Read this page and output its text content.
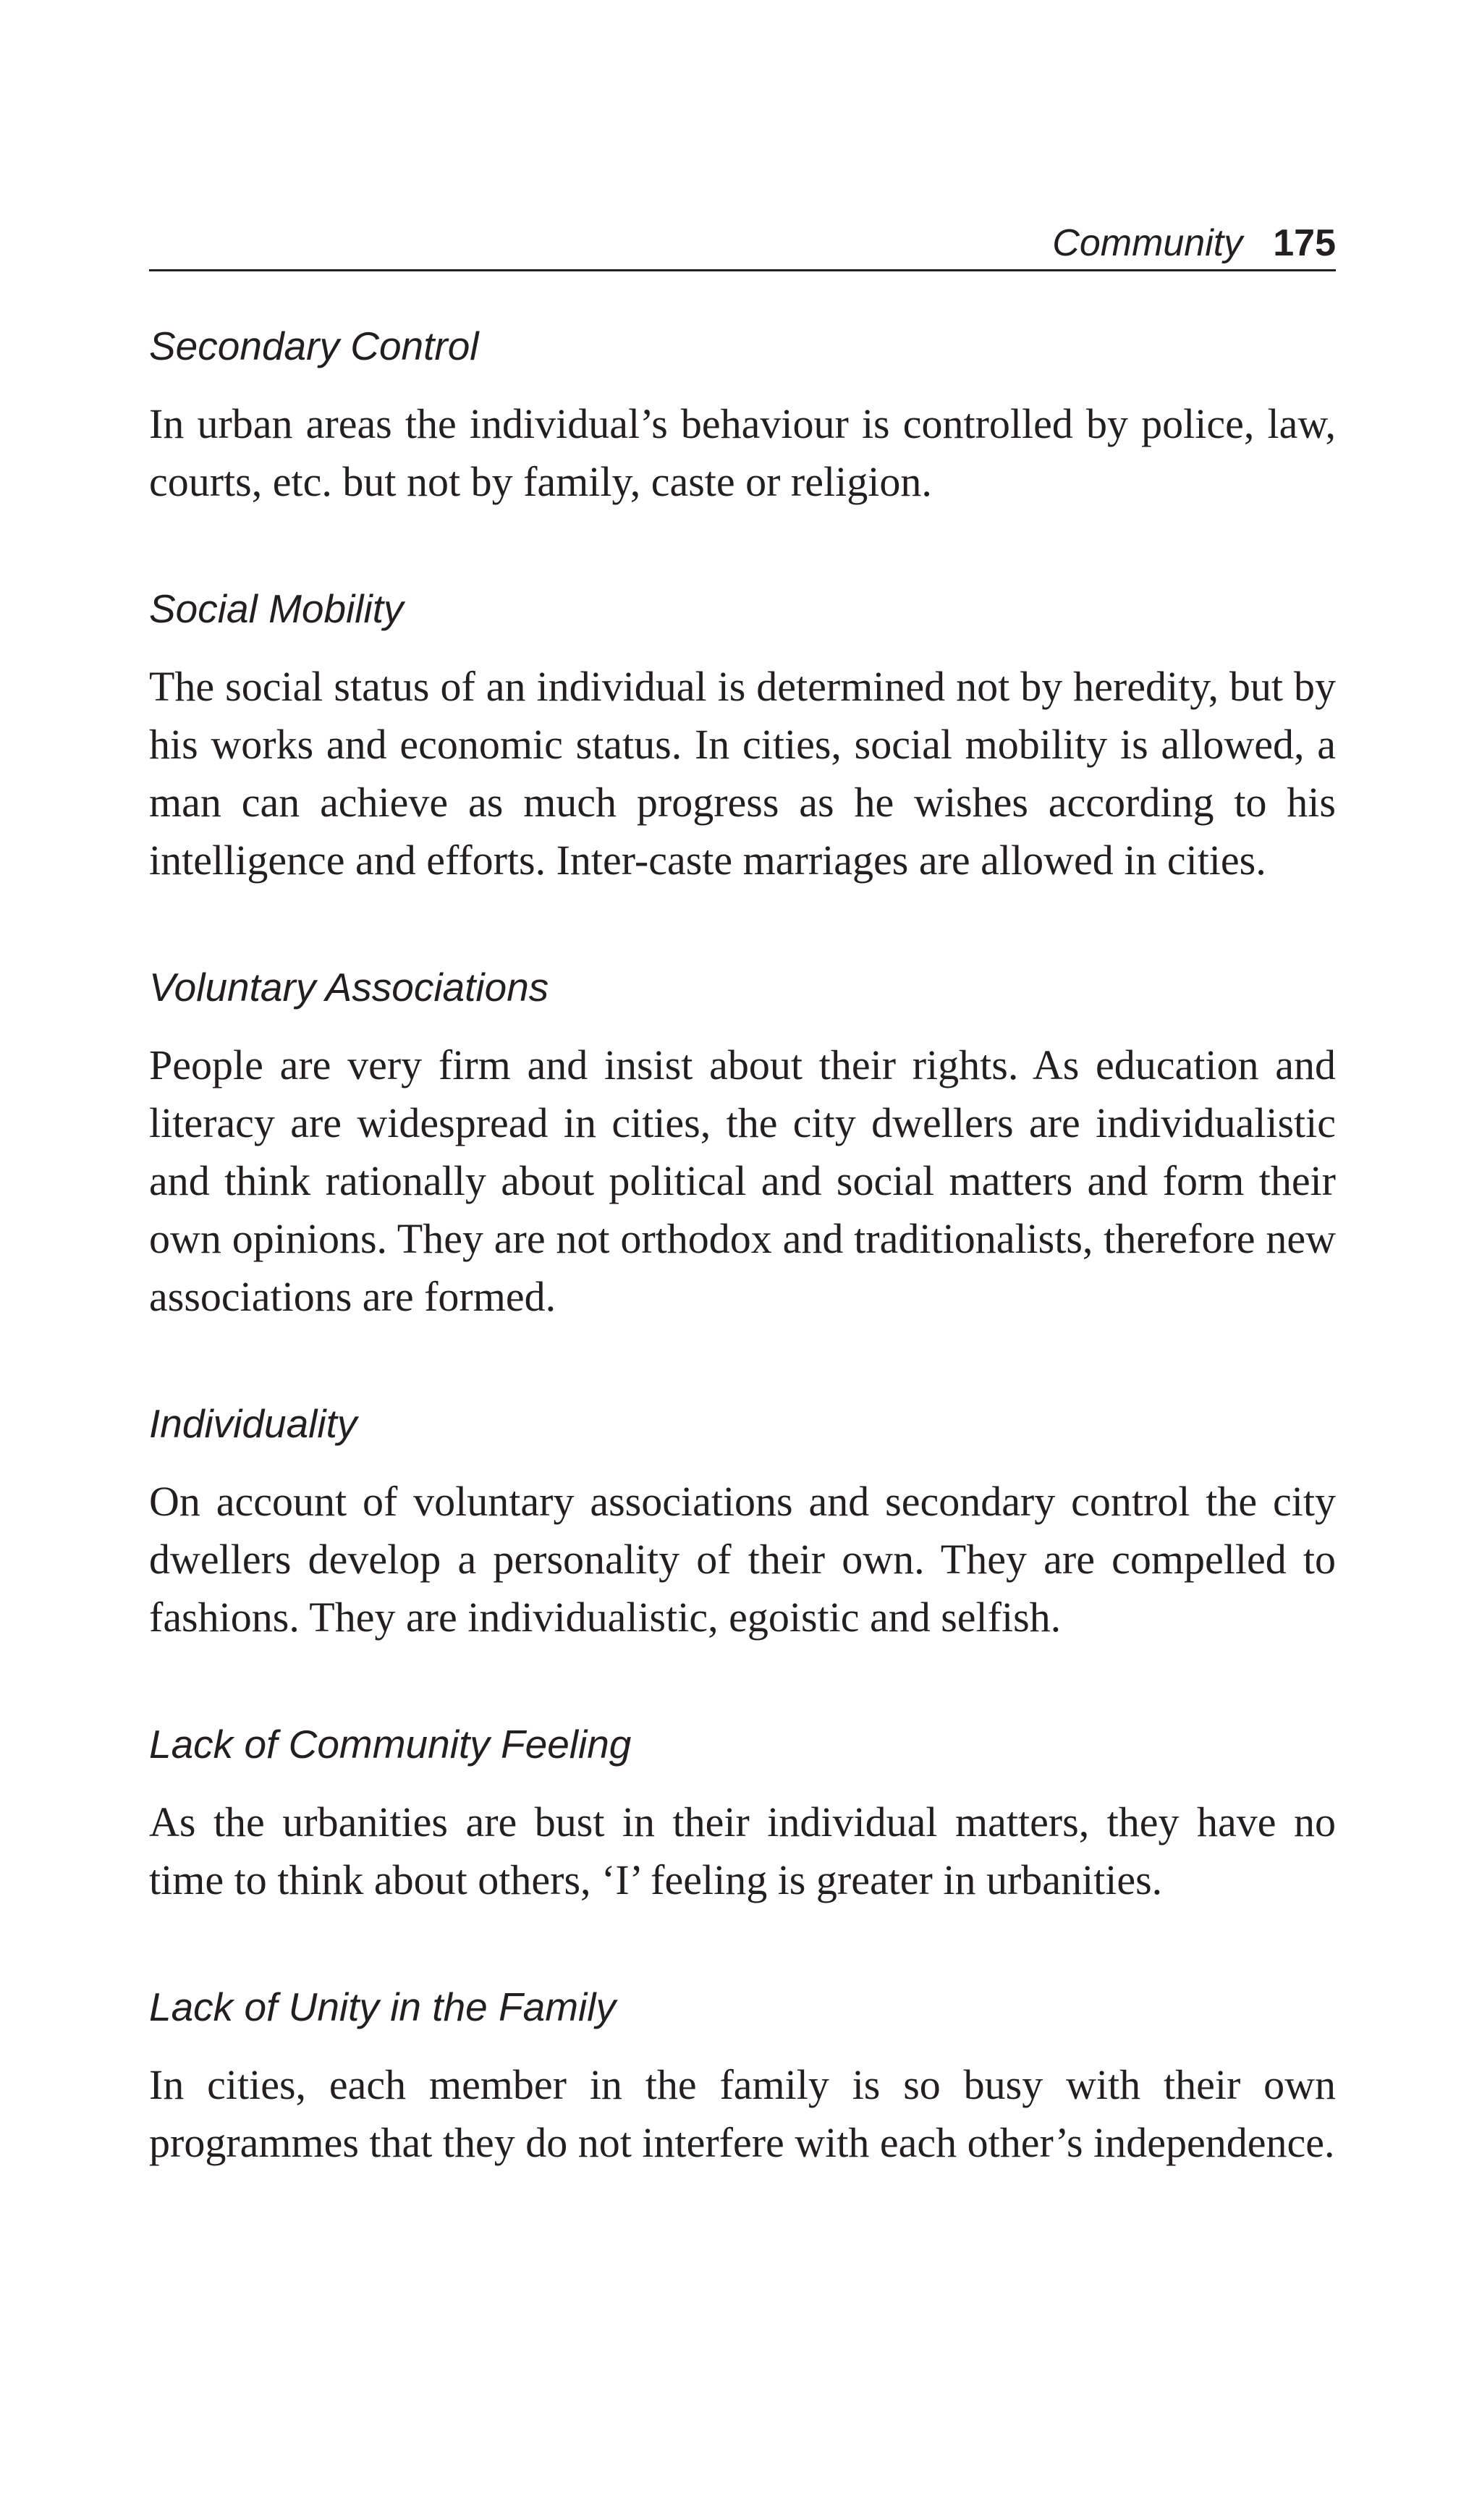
Community 175
Secondary Control

In urban areas the individual’s behaviour is controlled by police, law, courts, etc. but not by family, caste or religion.

Social Mobility

The social status of an individual is determined not by heredity, but by his works and economic status. In cities, social mobility is allowed, a man can achieve as much progress as he wishes according to his intelligence and efforts. Inter-caste marriages are allowed in cities.

Voluntary Associations

People are very firm and insist about their rights. As education and literacy are widespread in cities, the city dwellers are individualistic and think rationally about political and social matters and form their own opinions. They are not orthodox and traditionalists, therefore new associations are formed.

Individuality

On account of voluntary associations and secondary control the city dwellers develop a personality of their own. They are compelled to fashions. They are individualistic, egoistic and selfish.

Lack of Community Feeling

As the urbanities are bust in their individual matters, they have no time to think about others, ‘I’ feeling is greater in urbanities.

Lack of Unity in the Family

In cities, each member in the family is so busy with their own programmes that they do not interfere with each other’s independence.
